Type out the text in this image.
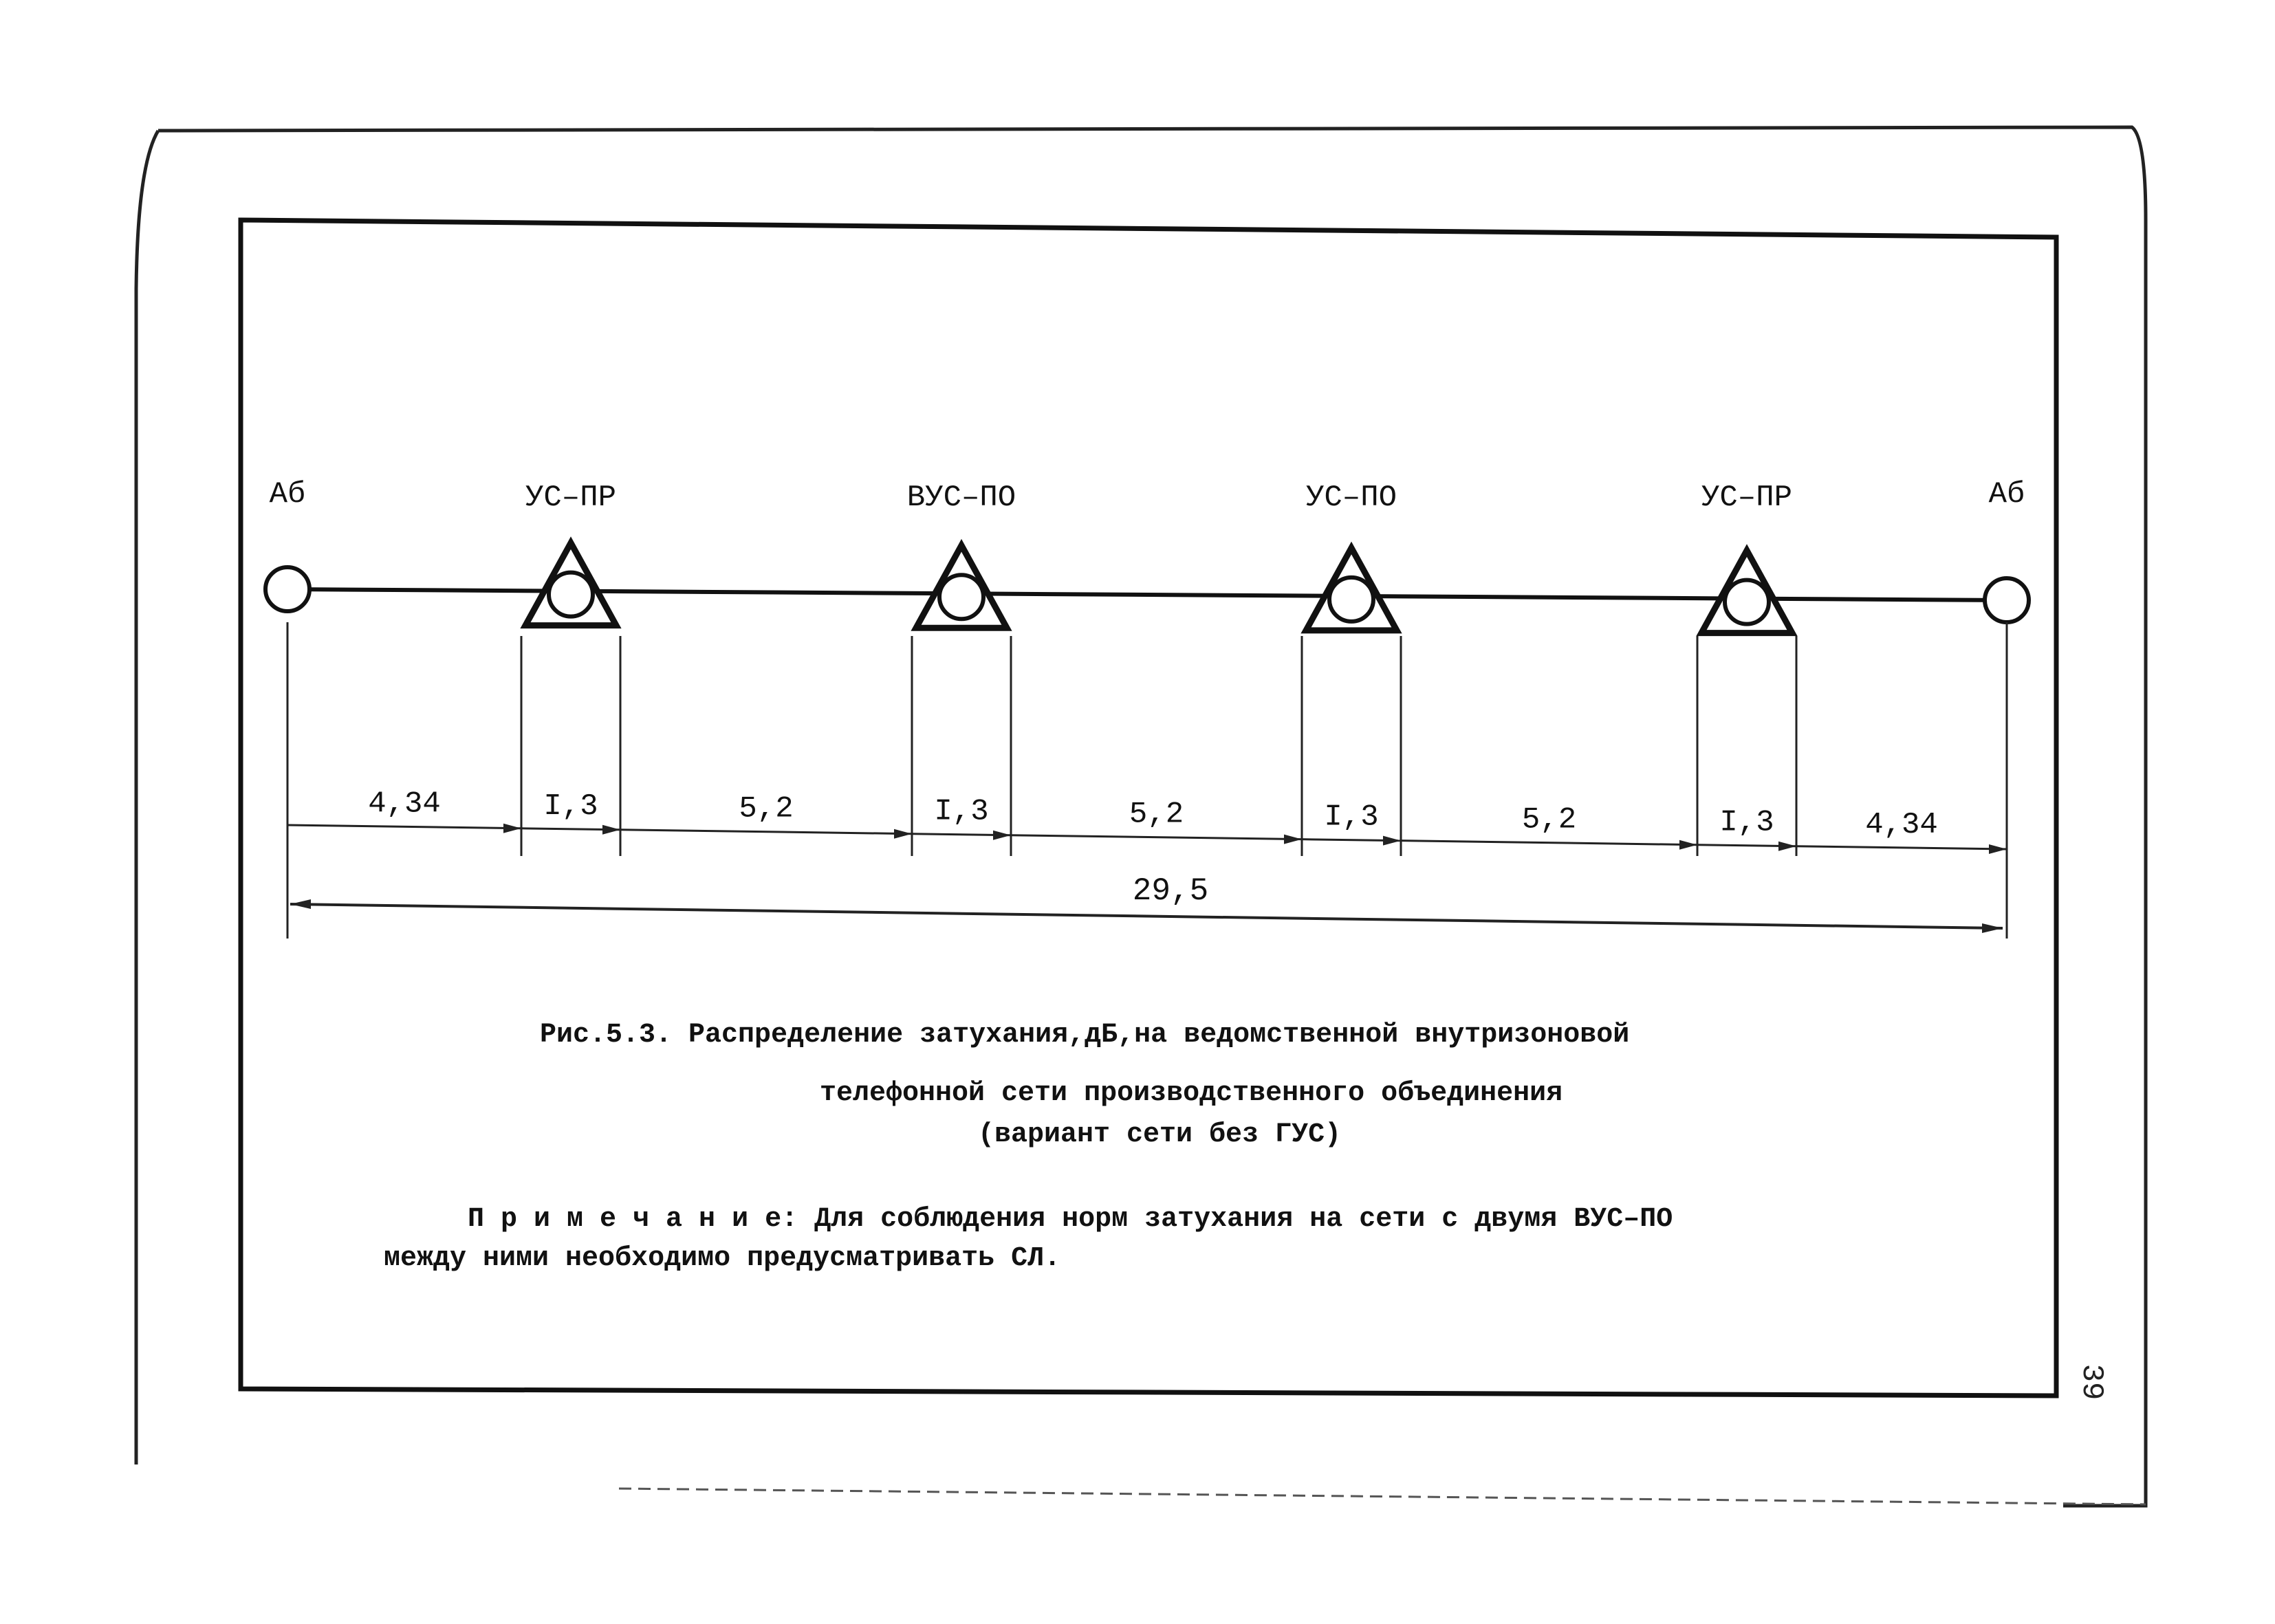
Аб	УС–ПР	ВУС–ПО	УС–ПО	УС–ПР	Аб
4,34	I,3	5,2	I,3	5,2	I,3	5,2	I,3	4,34
29,5
Рис.5.3. Распределение затухания,дБ,на ведомственной внутризоновой
телефонной сети производственного объединения
(вариант сети без ГУС)
П р и м е ч а н и е: Для соблюдения норм затухания на сети с двумя ВУС–ПО
между ними необходимо предусматривать СЛ.
39
